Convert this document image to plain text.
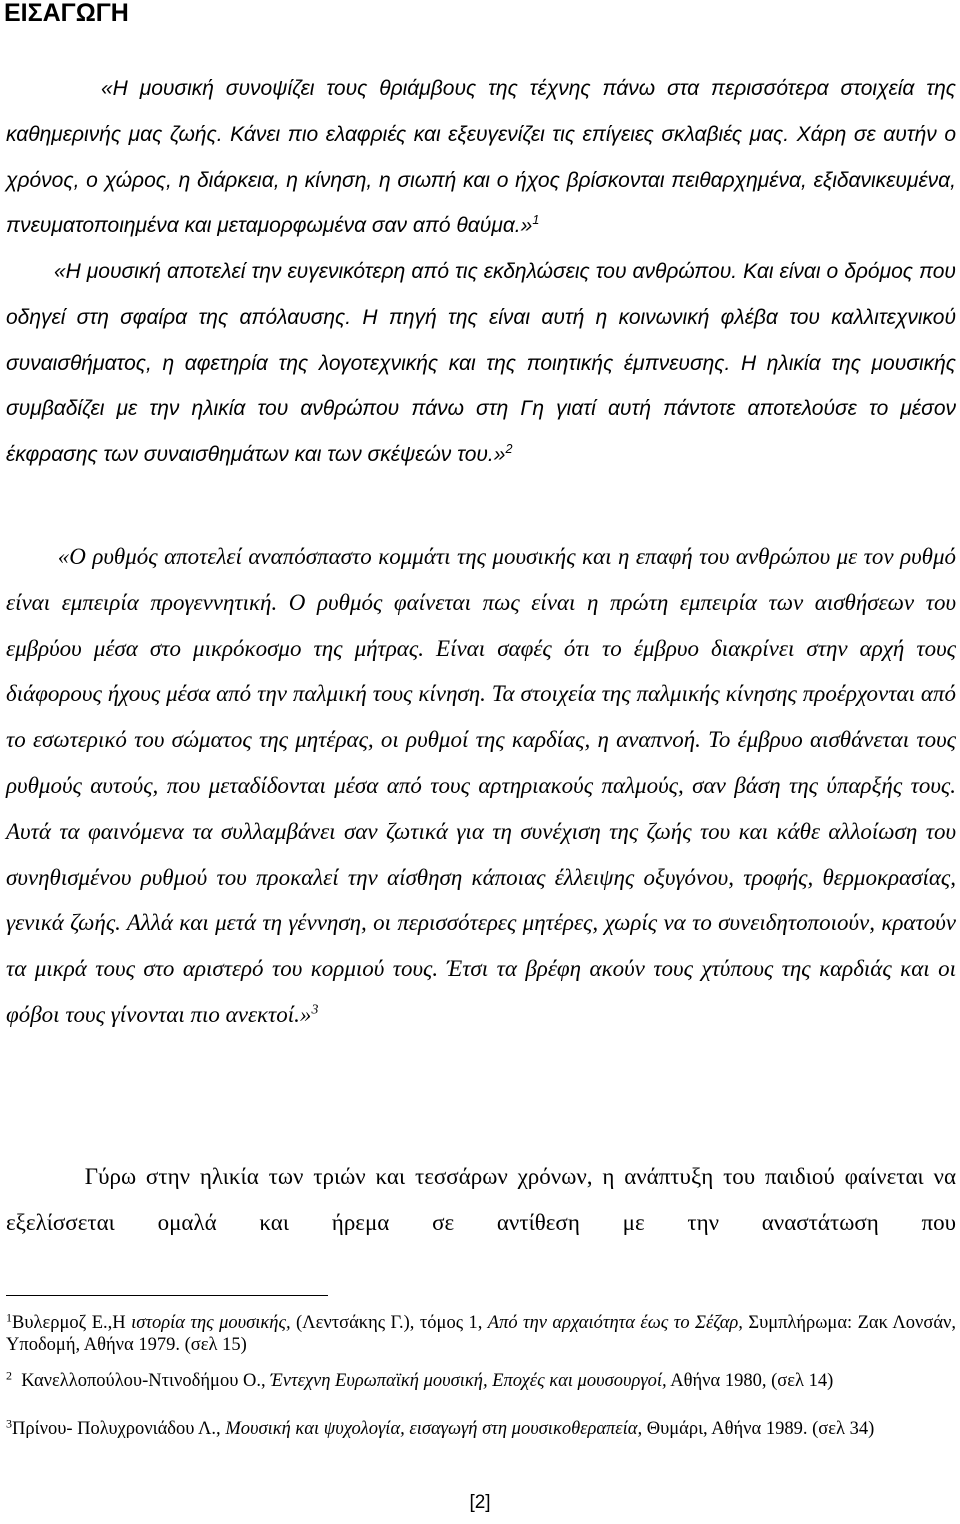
ΕΙΣΑΓΩΓΗ

«Η μουσική συνοψίζει τους θριάμβους της τέχνης πάνω στα περισσότερα στοιχεία της καθημερινής μας ζωής. Κάνει πιο ελαφριές και εξευγενίζει τις επίγειες σκλαβιές μας. Χάρη σε αυτήν ο χρόνος, ο χώρος, η διάρκεια, η κίνηση, η σιωπή και ο ήχος βρίσκονται πειθαρχημένα, εξιδανικευμένα, πνευματοποιημένα και μεταμορφωμένα σαν από θαύμα.»$^1$

«Η μουσική αποτελεί την ευγενικότερη από τις εκδηλώσεις του ανθρώπου. Και είναι ο δρόμος που οδηγεί στη σφαίρα της απόλαυσης. Η πηγή της είναι αυτή η κοινωνική φλέβα του καλλιτεχνικού συναισθήματος, η αφετηρία της λογοτεχνικής και της ποιητικής έμπνευσης. Η ηλικία της μουσικής συμβαδίζει με την ηλικία του ανθρώπου πάνω στη Γη γιατί αυτή πάντοτε αποτελούσε το μέσον έκφρασης των συναισθημάτων και των σκέψεών του.»$^2$

«Ο ρυθμός αποτελεί αναπόσπαστο κομμάτι της μουσικής και η επαφή του ανθρώπου με τον ρυθμό είναι εμπειρία προγεννητική. Ο ρυθμός φαίνεται πως είναι η πρώτη εμπειρία των αισθήσεων του εμβρύου μέσα στο μικρόκοσμο της μήτρας. Είναι σαφές ότι το έμβρυο διακρίνει στην αρχή τους διάφορους ήχους μέσα από την παλμική τους κίνηση. Τα στοιχεία της παλμικής κίνησης προέρχονται από το εσωτερικό του σώματος της μητέρας, οι ρυθμοί της καρδίας, η αναπνοή. Το έμβρυο αισθάνεται τους ρυθμούς αυτούς, που μεταδίδονται μέσα από τους αρτηριακούς παλμούς, σαν βάση της ύπαρξής τους. Αυτά τα φαινόμενα τα συλλαμβάνει σαν ζωτικά για τη συνέχιση της ζωής του και κάθε αλλοίωση του συνηθισμένου ρυθμού του προκαλεί την αίσθηση κάποιας έλλειψης οξυγόνου, τροφής, θερμοκρασίας, γενικά ζωής. Αλλά και μετά τη γέννηση, οι περισσότερες μητέρες, χωρίς να το συνειδητοποιούν, κρατούν τα μικρά τους στο αριστερό του κορμιού τους. Έτσι τα βρέφη ακούν τους χτύπους της καρδιάς και οι φόβοι τους γίνονται πιο ανεκτοί.»$^3$

Γύρω στην ηλικία των τριών και τεσσάρων χρόνων, η ανάπτυξη του παιδιού φαίνεται να εξελίσσεται ομαλά και ήρεμα σε αντίθεση με την αναστάτωση που

$^1$Βυλερμοζ Ε.,Η ιστορία της μουσικής, (Λεντσάκης Γ.), τόμος 1, Από την αρχαιότητα έως το Σέζαρ, Συμπλήρωμα: Ζακ Λονσάν, Υποδομή, Αθήνα 1979. (σελ 15)

$^2$  Κανελλοπούλου-Ντινοδήμου Ο., Έντεχνη Ευρωπαϊκή μουσική, Εποχές και μουσουργοί, Αθήνα 1980, (σελ 14)

$^3$Πρίνου- Πολυχρονιάδου Λ., Μουσική και ψυχολογία, εισαγωγή στη μουσικοθεραπεία, Θυμάρι, Αθήνα 1989. (σελ 34)

[2]
